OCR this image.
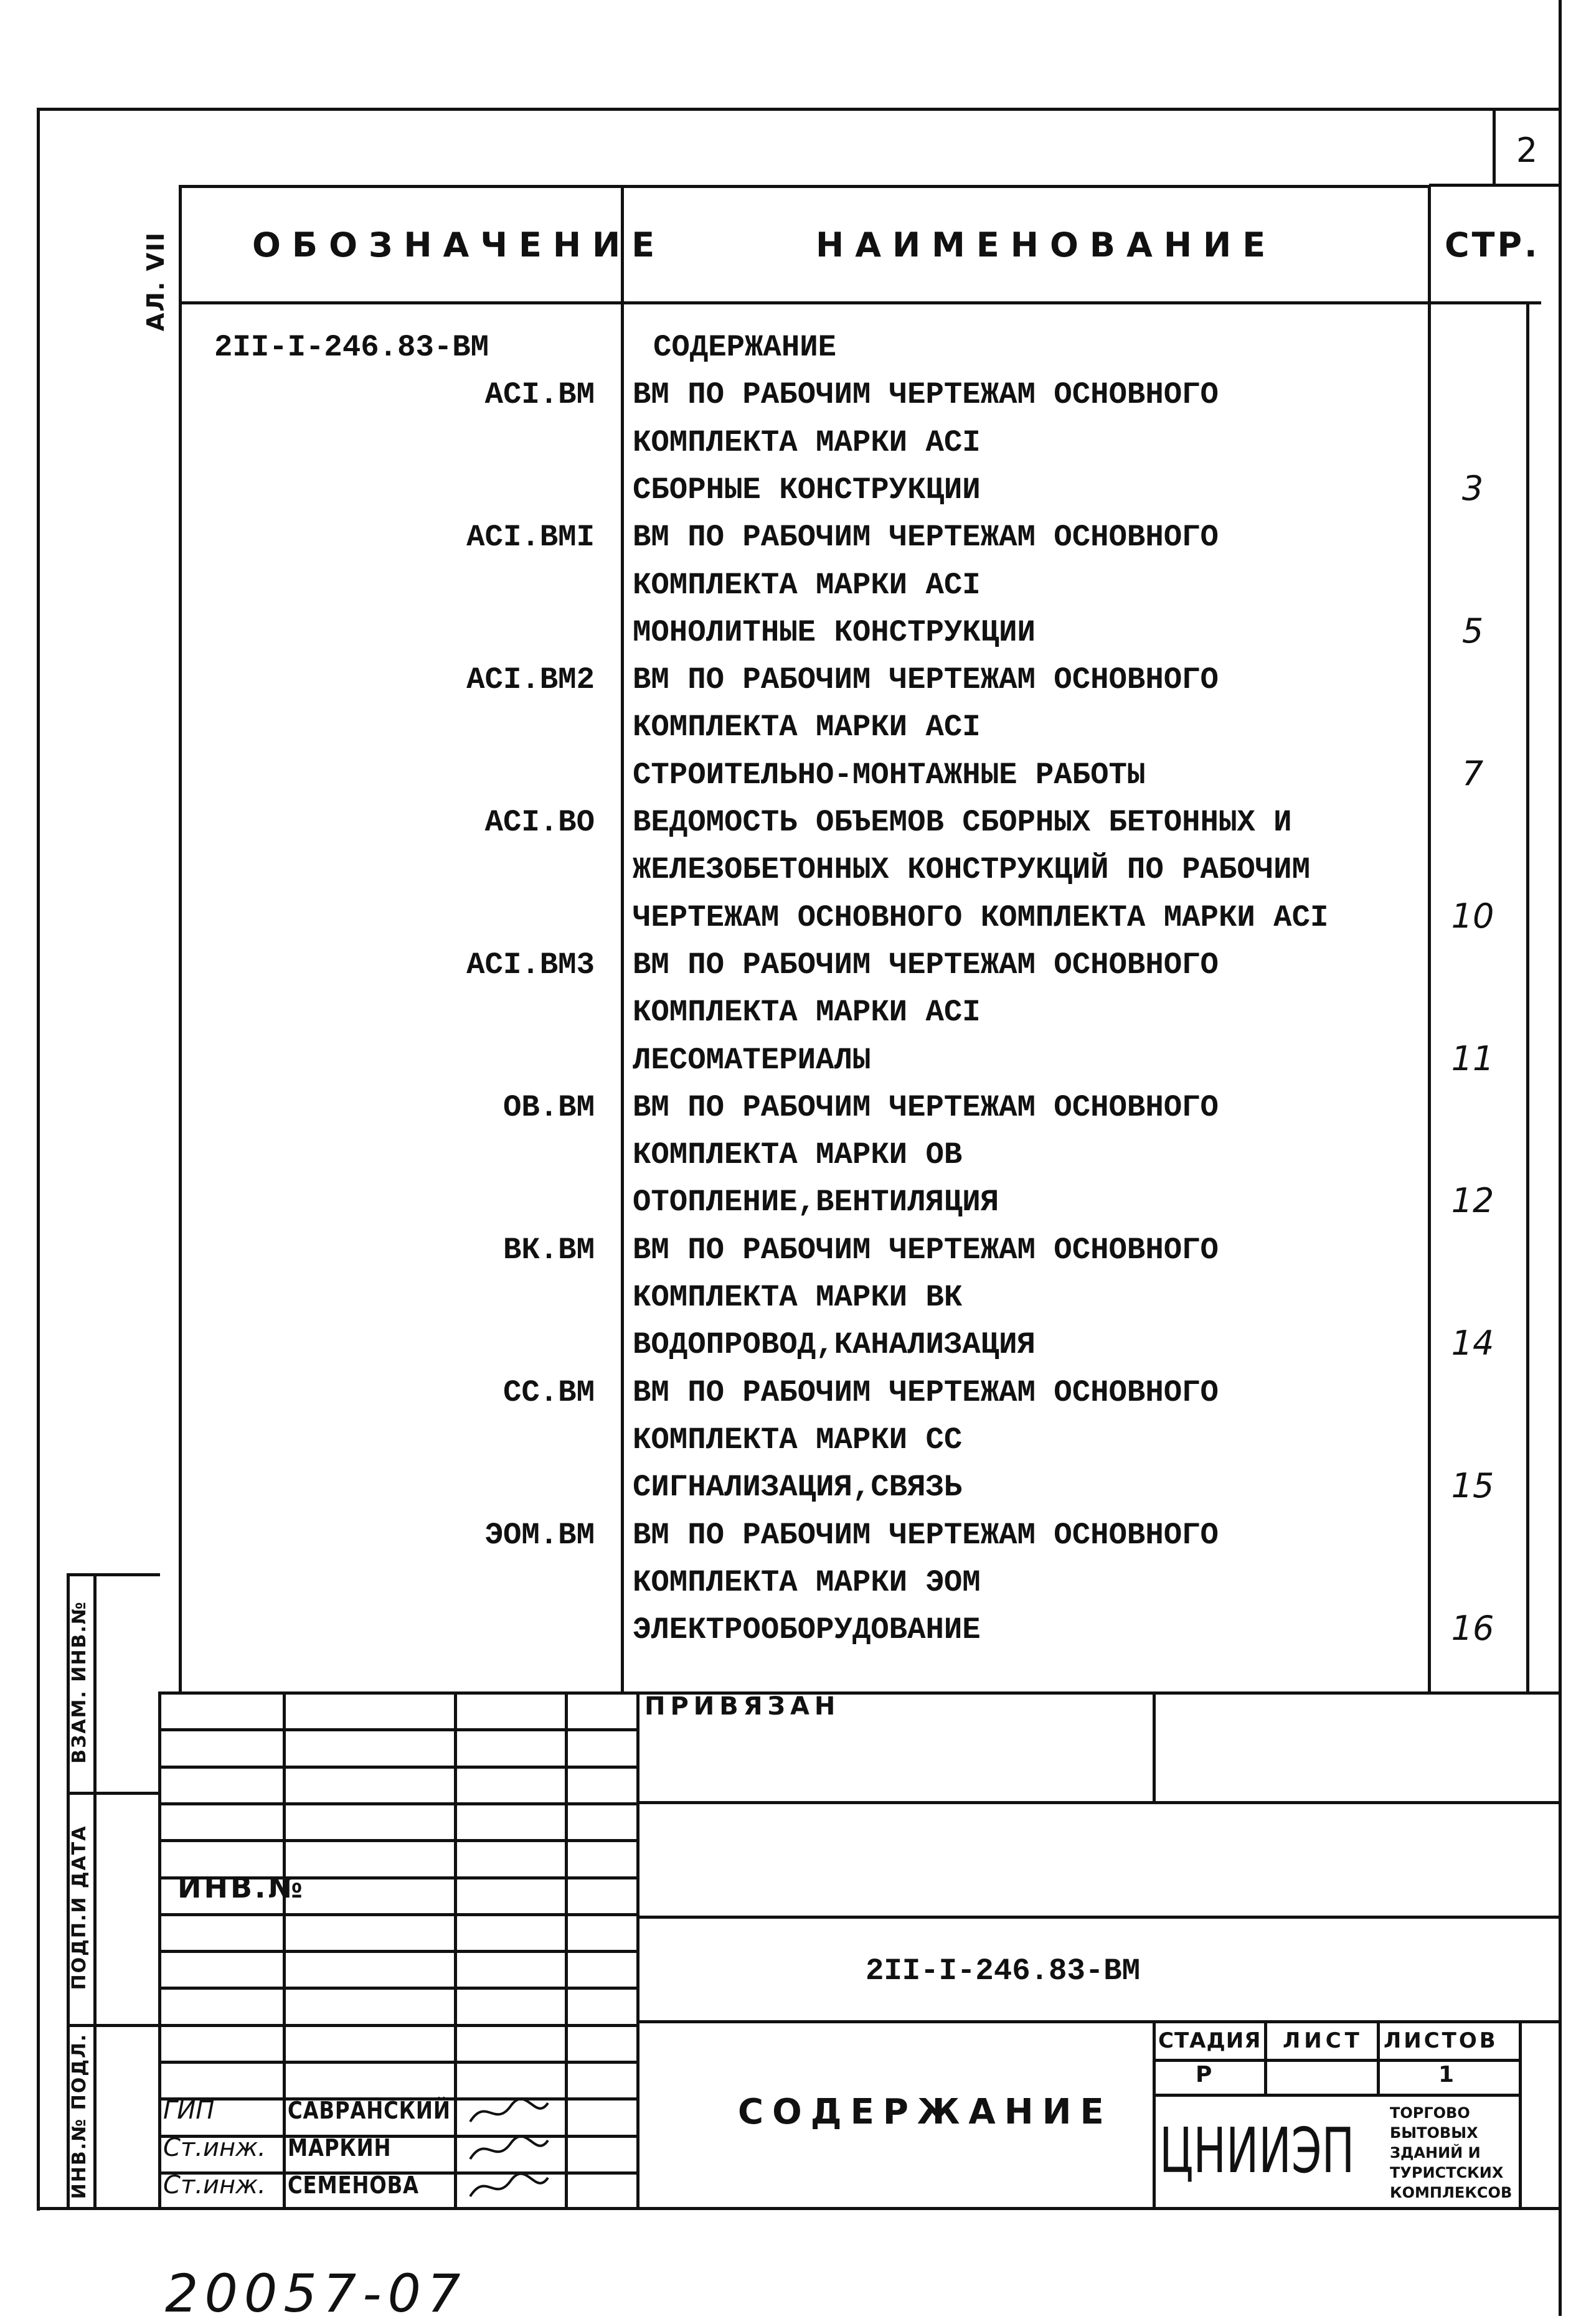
2
АЛ. VII ОБОЗНАЧЕНИЕ	НАИМЕНОВАНИЕ	СТР.
2II-I-246.83-ВМ	СОДЕРЖАНИЕ
АСI.ВМ ВМ ПО РАБОЧИМ ЧЕРТЕЖАМ ОСНОВНОГО
КОМПЛЕКТА МАРКИ АСI
СБОРНЫЕ КОНСТРУКЦИИ	3
АСI.ВМI ВМ ПО РАБОЧИМ ЧЕРТЕЖАМ ОСНОВНОГО
КОМПЛЕКТА МАРКИ АСI
МОНОЛИТНЫЕ КОНСТРУКЦИИ	5
АСI.ВМ2 ВМ ПО РАБОЧИМ ЧЕРТЕЖАМ ОСНОВНОГО
КОМПЛЕКТА МАРКИ АСI
СТРОИТЕЛЬНО-МОНТАЖНЫЕ РАБОТЫ	7
АСI.ВО ВЕДОМОСТЬ ОБЪЕМОВ СБОРНЫХ БЕТОННЫХ И
ЖЕЛЕЗОБЕТОННЫХ КОНСТРУКЦИЙ ПО РАБОЧИМ
ЧЕРТЕЖАМ ОСНОВНОГО КОМПЛЕКТА МАРКИ АСI	10
АСI.ВМ3 ВМ ПО РАБОЧИМ ЧЕРТЕЖАМ ОСНОВНОГО
КОМПЛЕКТА МАРКИ АСI
ЛЕСОМАТЕРИАЛЫ	11
ОВ.ВМ ВМ ПО РАБОЧИМ ЧЕРТЕЖАМ ОСНОВНОГО
КОМПЛЕКТА МАРКИ ОВ
ОТОПЛЕНИЕ,ВЕНТИЛЯЦИЯ	12
ВК.ВМ ВМ ПО РАБОЧИМ ЧЕРТЕЖАМ ОСНОВНОГО
КОМПЛЕКТА МАРКИ ВК
ВОДОПРОВОД,КАНАЛИЗАЦИЯ	14
СС.ВМ ВМ ПО РАБОЧИМ ЧЕРТЕЖАМ ОСНОВНОГО
КОМПЛЕКТА МАРКИ СС
СИГНАЛИЗАЦИЯ,СВЯЗЬ	15
ЭОМ.ВМ ВМ ПО РАБОЧИМ ЧЕРТЕЖАМ ОСНОВНОГО
КОМПЛЕКТА МАРКИ ЭОМ
ЭЛЕКТРООБОРУДОВАНИЕ	16
ВЗАМ. ИНВ.№
ПОДП.И ДАТА
ИНВ.№ ПОДЛ.
ИНВ.№
ПРИВЯЗАН
2II-I-246.83-ВМ
СОДЕРЖАНИЕ
СТАДИЯ ЛИСТ ЛИСТОВ
Р	1
ЦНИИЭП
ТОРГОВО
БЫТОВЫХ
ЗДАНИЙ И
ТУРИСТСКИХ
КОМПЛЕКСОВ
ГИП	САВРАНСКИЙ
Ст.инж. МАРКИН
Ст.инж. СЕМЕНОВА
20057-07
